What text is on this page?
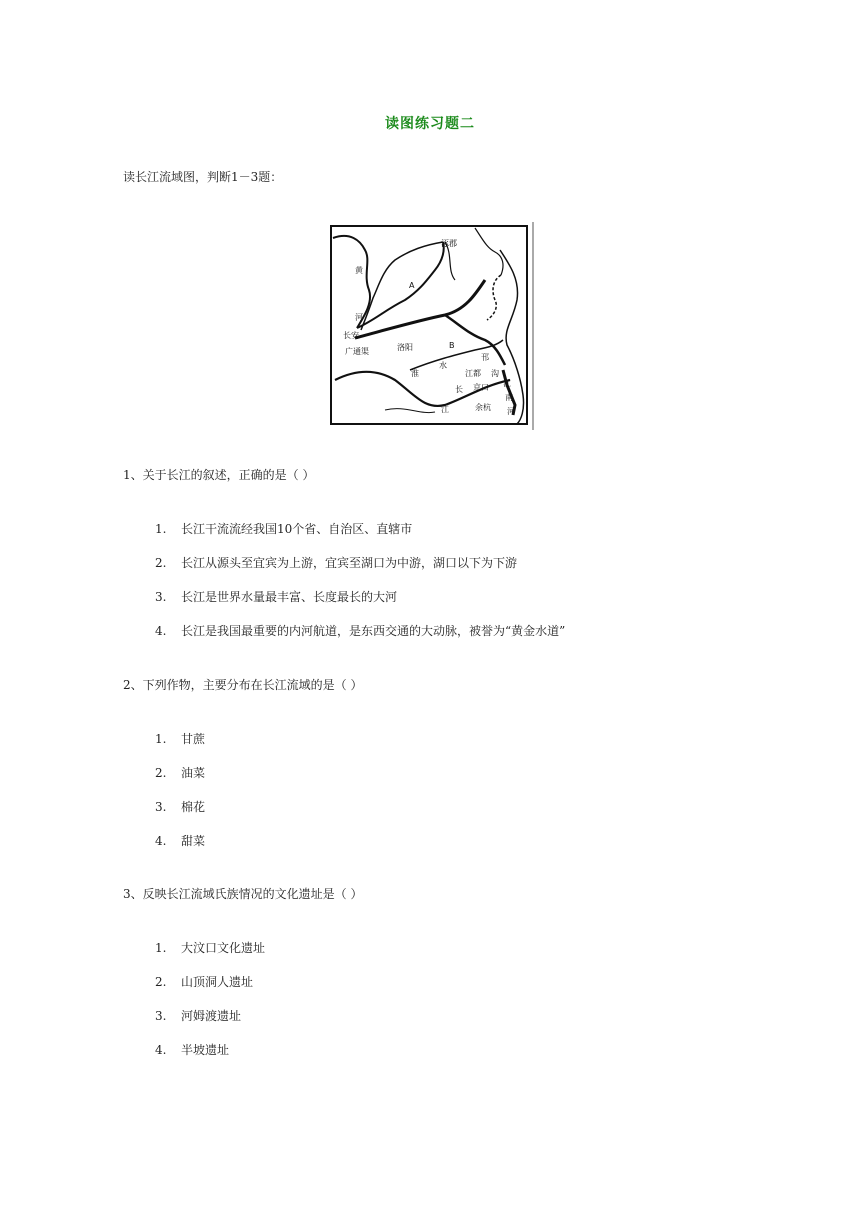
读图练习题二
读长江流域图，判断1－3题：
涿郡
黄
河
A
B
长安
广通渠	洛阳
淮
水
邗
长
江
江都
京口
余杭
沟
江
南
河
1、关于长江的叙述，正确的是（ ）
1.	长江干流流经我国10个省、自治区、直辖市
2.	长江从源头至宜宾为上游，宜宾至湖口为中游，湖口以下为下游
3.	长江是世界水量最丰富、长度最长的大河
4.	长江是我国最重要的内河航道，是东西交通的大动脉，被誉为“黄金水道”
2、下列作物，主要分布在长江流域的是（ ）
1.	甘蔗
2.	油菜
3.	棉花
4.	甜菜
3、反映长江流域氏族情况的文化遗址是（ ）
1.	大汶口文化遗址
2.	山顶洞人遗址
3.	河姆渡遗址
4.	半坡遗址
